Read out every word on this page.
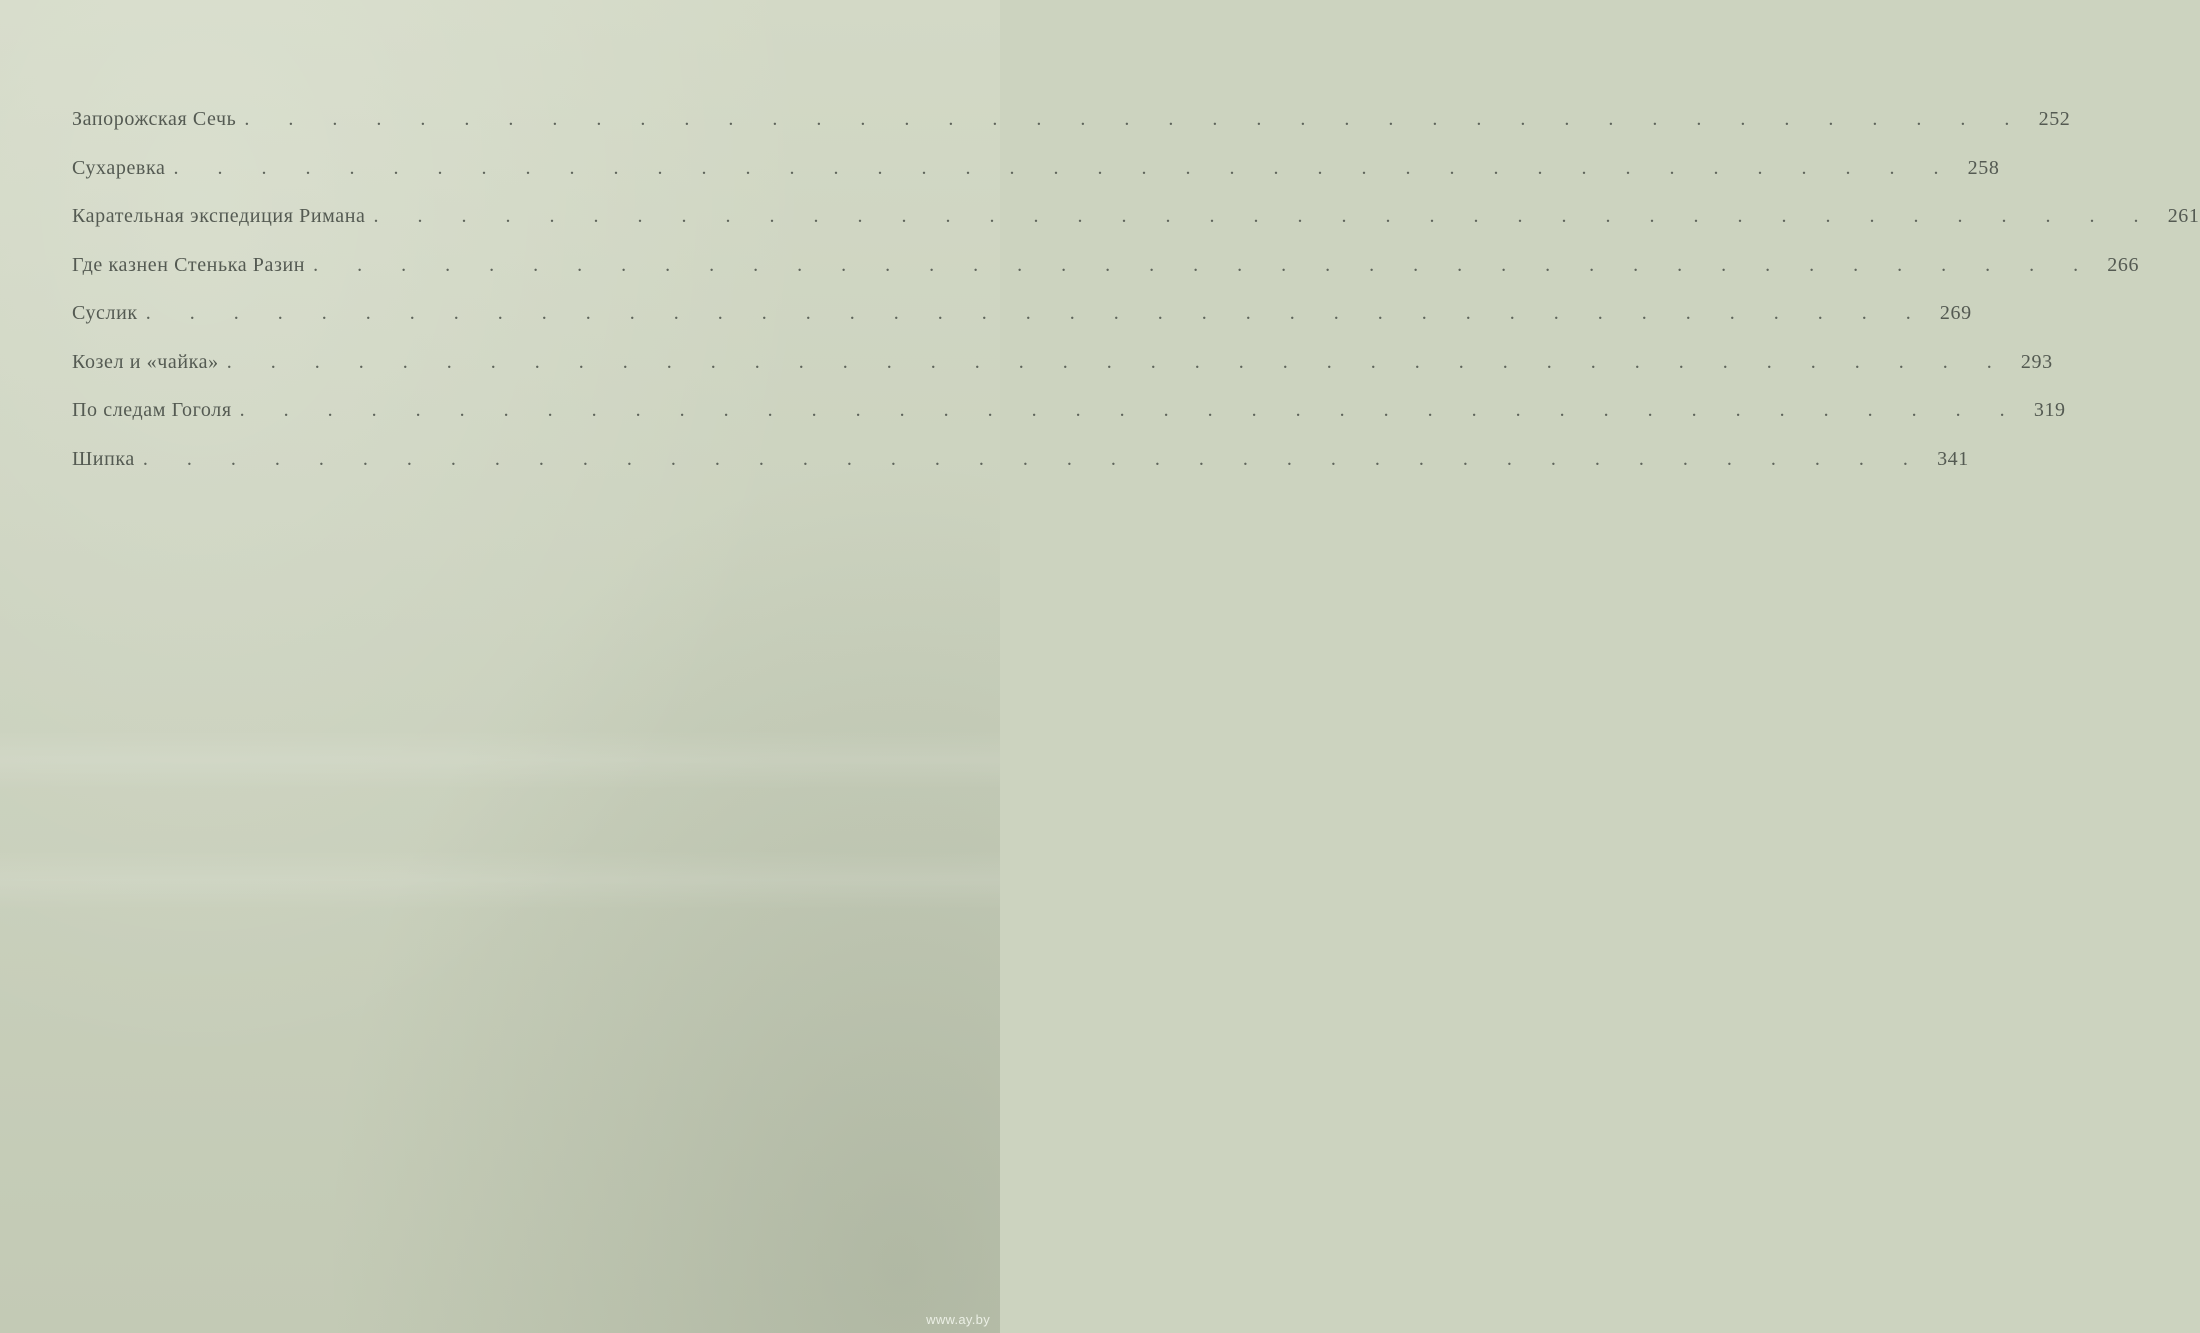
Запорожская Сечь . . . . . . . . . . . . . . . . . . . . . . . . . . . . . . . . . . . . . . . . . 252
Сухаревка . . . . . . . . . . . . . . . . . . . . . . . . . . . . . . . . . . . . . . . . . 258
Карательная экспедиция Римана . . . . . . . . . . . . . . . . . . . . . . . . . . . . . . . . . . . . . . . . . 261
Где казнен Стенька Разин . . . . . . . . . . . . . . . . . . . . . . . . . . . . . . . . . . . . . . . . . 266
Суслик . . . . . . . . . . . . . . . . . . . . . . . . . . . . . . . . . . . . . . . . . 269
Козел и «чайка» . . . . . . . . . . . . . . . . . . . . . . . . . . . . . . . . . . . . . . . . . 293
По следам Гоголя . . . . . . . . . . . . . . . . . . . . . . . . . . . . . . . . . . . . . . . . . 319
Шипка . . . . . . . . . . . . . . . . . . . . . . . . . . . . . . . . . . . . . . . . . 341
www.ay.by
